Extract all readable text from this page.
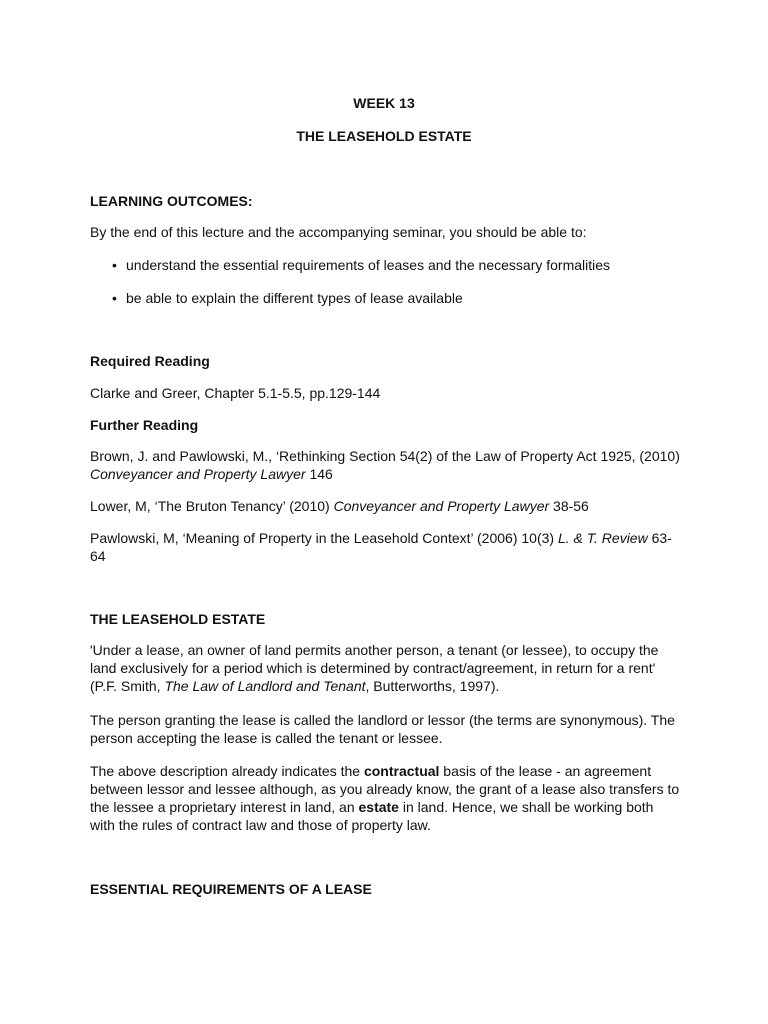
WEEK 13
THE LEASEHOLD ESTATE

LEARNING OUTCOMES:

By the end of this lecture and the accompanying seminar, you should be able to:

• understand the essential requirements of leases and the necessary formalities
• be able to explain the different types of lease available

Required Reading

Clarke and Greer, Chapter 5.1-5.5, pp.129-144

Further Reading

Brown, J. and Pawlowski, M., ‘Rethinking Section 54(2) of the Law of Property Act 1925, (2010)
Conveyancer and Property Lawyer 146

Lower, M, ‘The Bruton Tenancy’ (2010) Conveyancer and Property Lawyer 38-56

Pawlowski, M, ‘Meaning of Property in the Leasehold Context’ (2006) 10(3) L. & T. Review 63-64

THE LEASEHOLD ESTATE

'Under a lease, an owner of land permits another person, a tenant (or lessee), to occupy the land exclusively for a period which is determined by contract/agreement, in return for a rent' (P.F. Smith, The Law of Landlord and Tenant, Butterworths, 1997).

The person granting the lease is called the landlord or lessor (the terms are synonymous). The person accepting the lease is called the tenant or lessee.

The above description already indicates the contractual basis of the lease - an agreement between lessor and lessee although, as you already know, the grant of a lease also transfers to the lessee a proprietary interest in land, an estate in land. Hence, we shall be working both with the rules of contract law and those of property law.

ESSENTIAL REQUIREMENTS OF A LEASE
